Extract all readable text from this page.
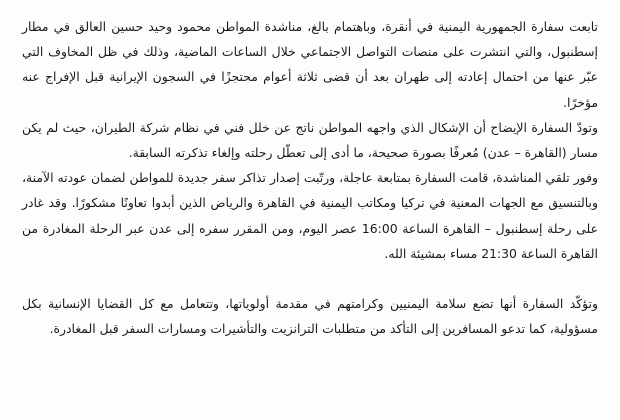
تابعت سفارة الجمهورية اليمنية في أنقرة، وباهتمام بالغ، مناشدة المواطن محمود وحيد حسين العالق في مطار إسطنبول، والتي انتشرت على منصات التواصل الاجتماعي خلال الساعات الماضية، وذلك في ظل المخاوف التي عبّر عنها من احتمال إعادته إلى طهران بعد أن قضى ثلاثة أعوام محتجزًا في السجون الإيرانية قبل الإفراج عنه مؤخرًا.

وتودّ السفارة الإيضاح أن الإشكال الذي واجهه المواطن ناتج عن خلل فني في نظام شركة الطيران، حيث لم يكن مسار (القاهرة – عدن) مُعرفًا بصورة صحيحة، ما أدى إلى تعطّل رحلته وإلغاء تذكرته السابقة.

وفور تلقي المناشدة، قامت السفارة بمتابعة عاجلة، ورتّبت إصدار تذاكر سفر جديدة للمواطن لضمان عودته الآمنة، وبالتنسيق مع الجهات المعنية في تركيا ومكاتب اليمنية في القاهرة والرياض الذين أبدوا تعاونًا مشكورًا. وقد غادر على رحلة إسطنبول – القاهرة الساعة 16:00 عصر اليوم، ومن المقرر سفره إلى عدن عبر الرحلة المغادرة من القاهرة الساعة 21:30 مساء بمشيئة الله.

وتؤكّد السفارة أنها تضع سلامة اليمنيين وكرامتهم في مقدمة أولوياتها، وتتعامل مع كل القضايا الإنسانية بكل مسؤولية، كما تدعو المسافرين إلى التأكد من متطلبات الترانزيت والتأشيرات ومسارات السفر قبل المغادرة.
